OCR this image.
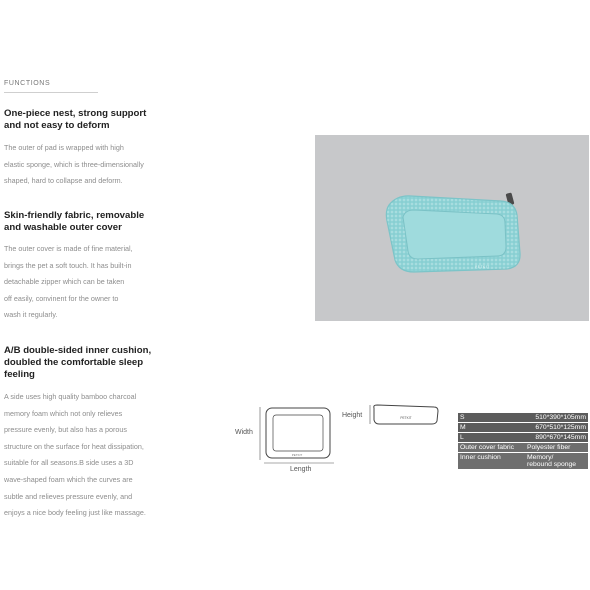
FUNCTIONS
One-piece nest, strong support
and not easy to deform
The outer of pad is wrapped with high
elastic sponge, which is three-dimensionally
shaped, hard to collapse and deform.
Skin-friendly fabric, removable
and washable outer cover
The outer cover is made of fine material,
brings the pet a soft touch. It has built-in
detachable zipper which can be taken
off easily, convinent for the owner to
wash it regularly.
A/B double-sided inner cushion,
doubled the comfortable sleep
feeling
A side uses high quality bamboo charcoal
memory foam which not only relieves
pressure evenly, but also has a porous
structure on the surface for heat dissipation,
suitable for all seasons.B side uses a 3D
wave-shaped foam which the curves are
subtle and relieves pressure evenly, and
enjoys a nice body feeling just like massage.
PETKIT
PETKIT
Width
Length
PETKIT
Height	S	510*390*105mm
M	670*510*125mm
L	890*670*145mm
Outer cover fabric	Polyester fiber
Inner cushion	Memory/
rebound sponge
